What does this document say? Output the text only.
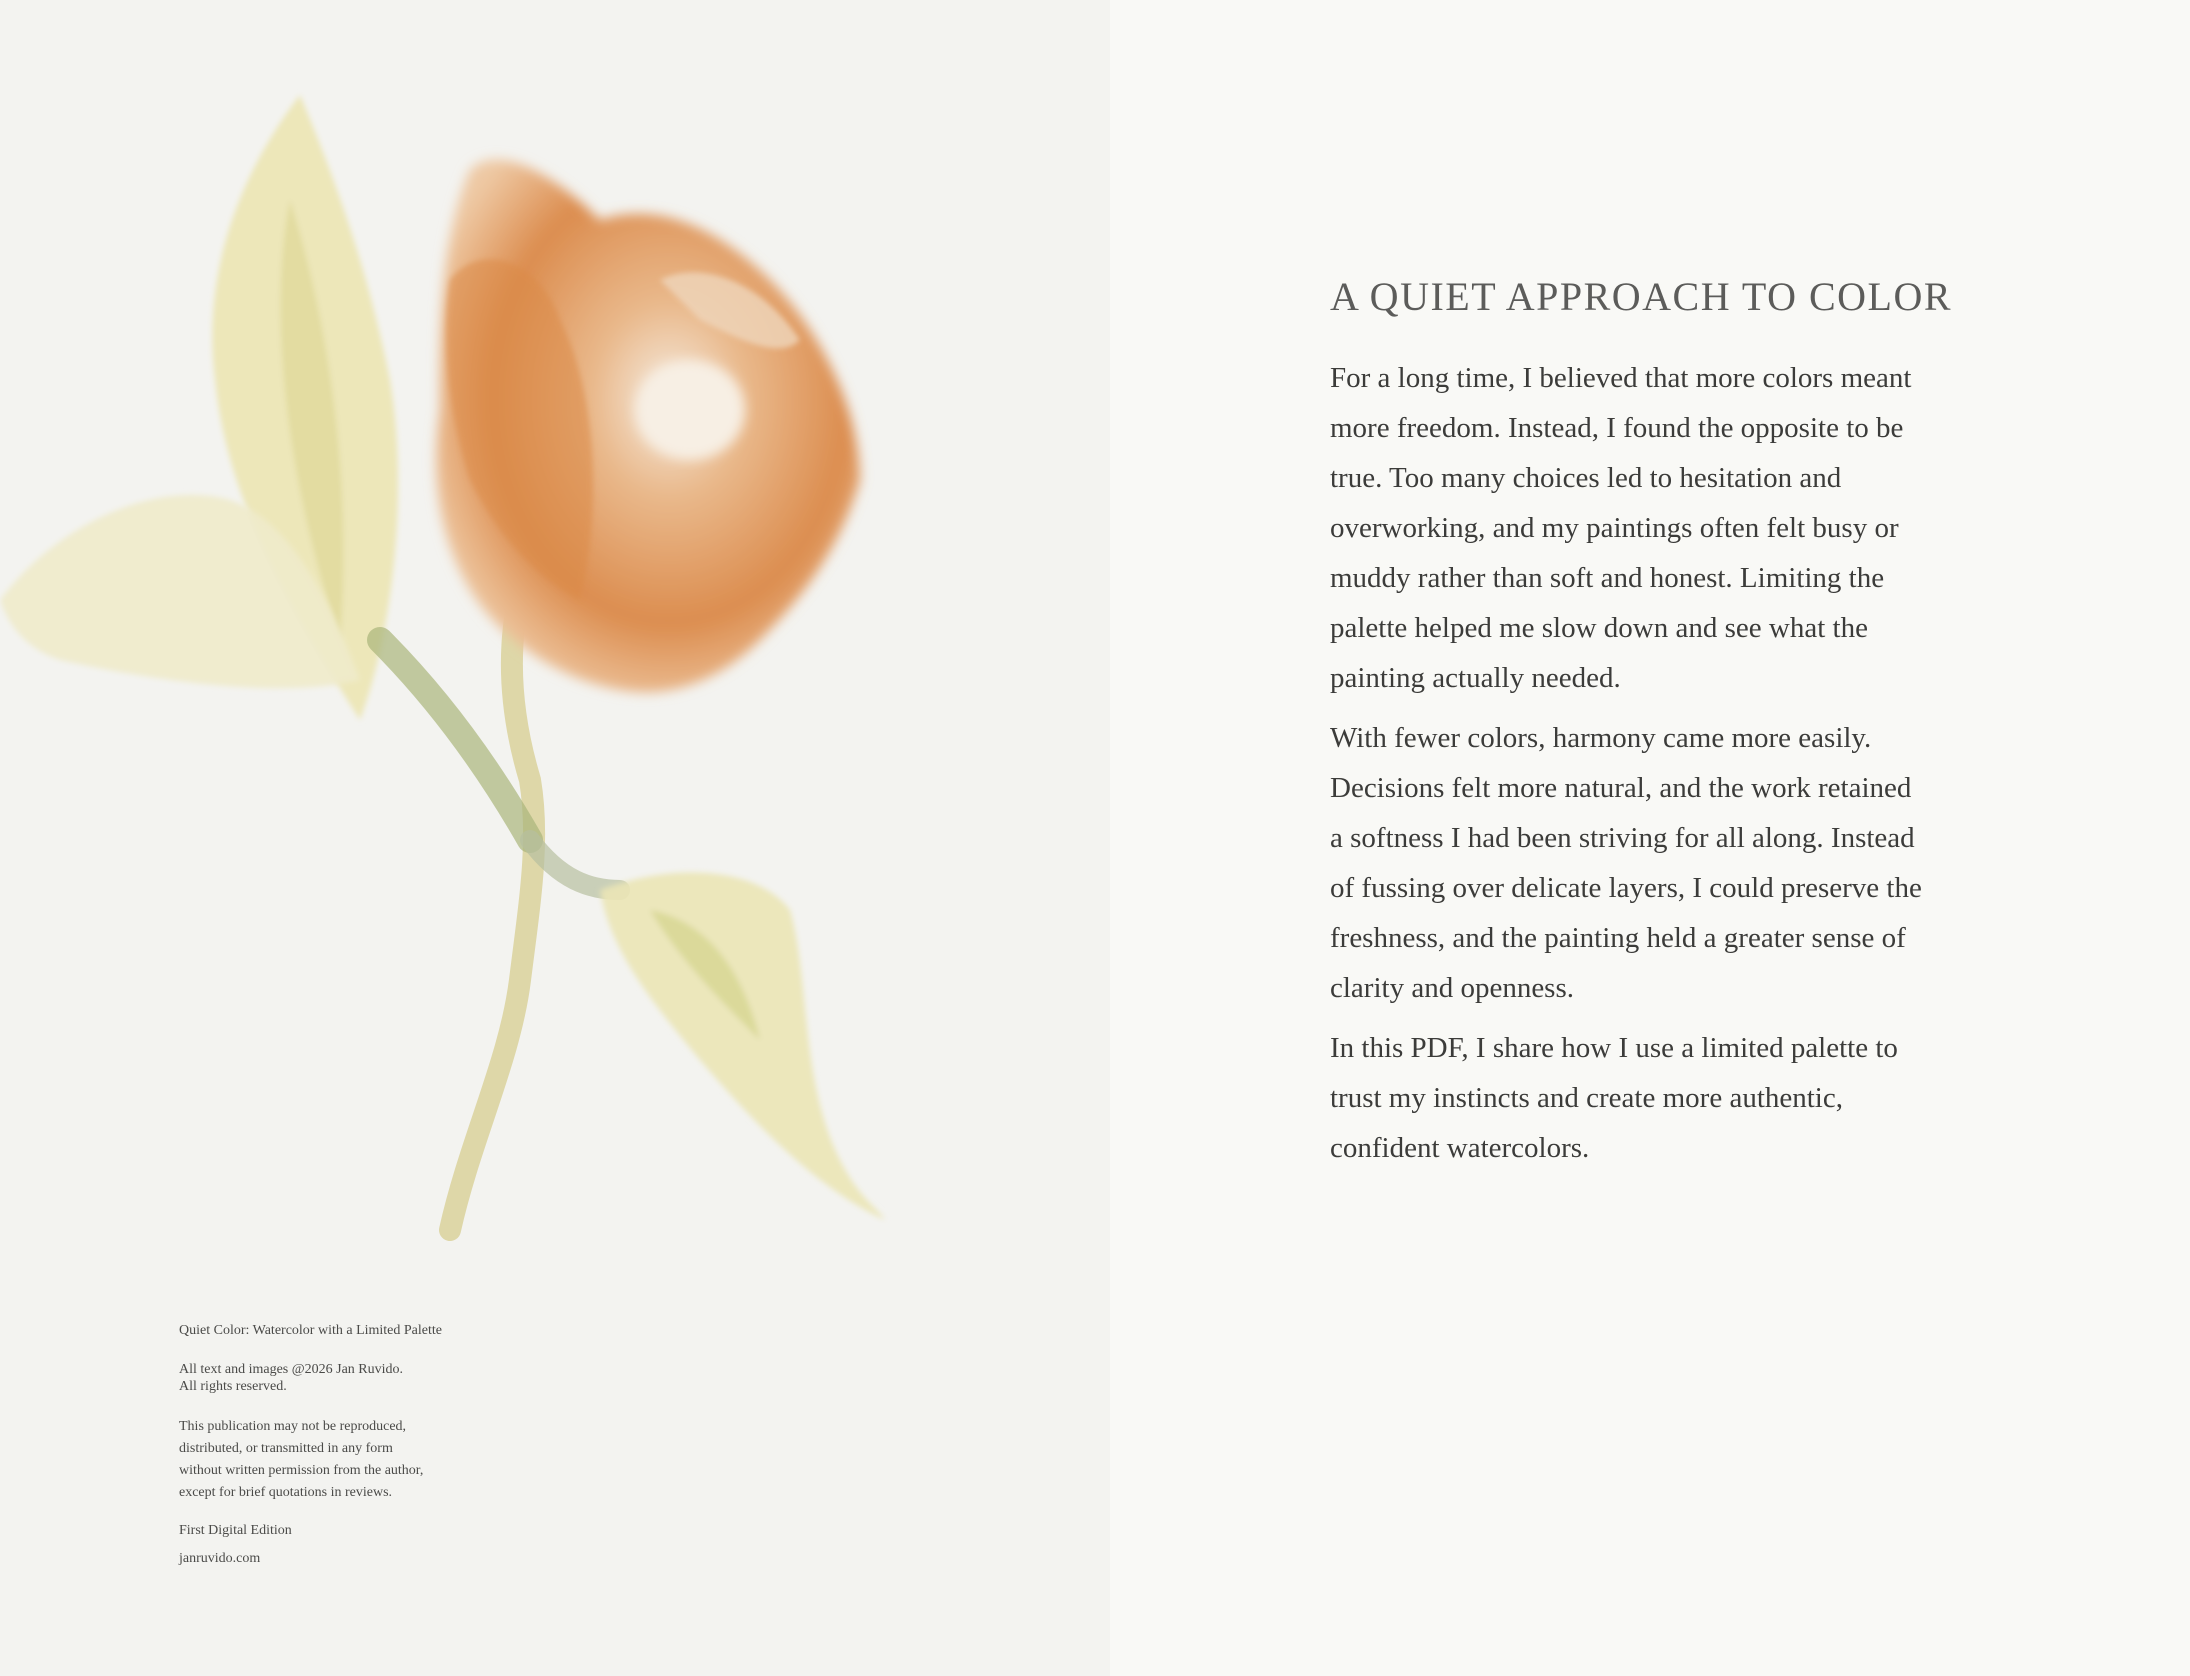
Quiet Color: Watercolor with a Limited Palette
All text and images @2026 Jan Ruvido.
All rights reserved.
This publication may not be reproduced,
distributed, or transmitted in any form
without written permission from the author,
except for brief quotations in reviews.
First Digital Edition
janruvido.com
A QUIET APPROACH TO COLOR

For a long time, I believed that more colors meant
more freedom. Instead, I found the opposite to be
true. Too many choices led to hesitation and
overworking, and my paintings often felt busy or
muddy rather than soft and honest. Limiting the
palette helped me slow down and see what the
painting actually needed.

With fewer colors, harmony came more easily.
Decisions felt more natural, and the work retained
a softness I had been striving for all along. Instead
of fussing over delicate layers, I could preserve the
freshness, and the painting held a greater sense of
clarity and openness.

In this PDF, I share how I use a limited palette to
trust my instincts and create more authentic,
confident watercolors.
